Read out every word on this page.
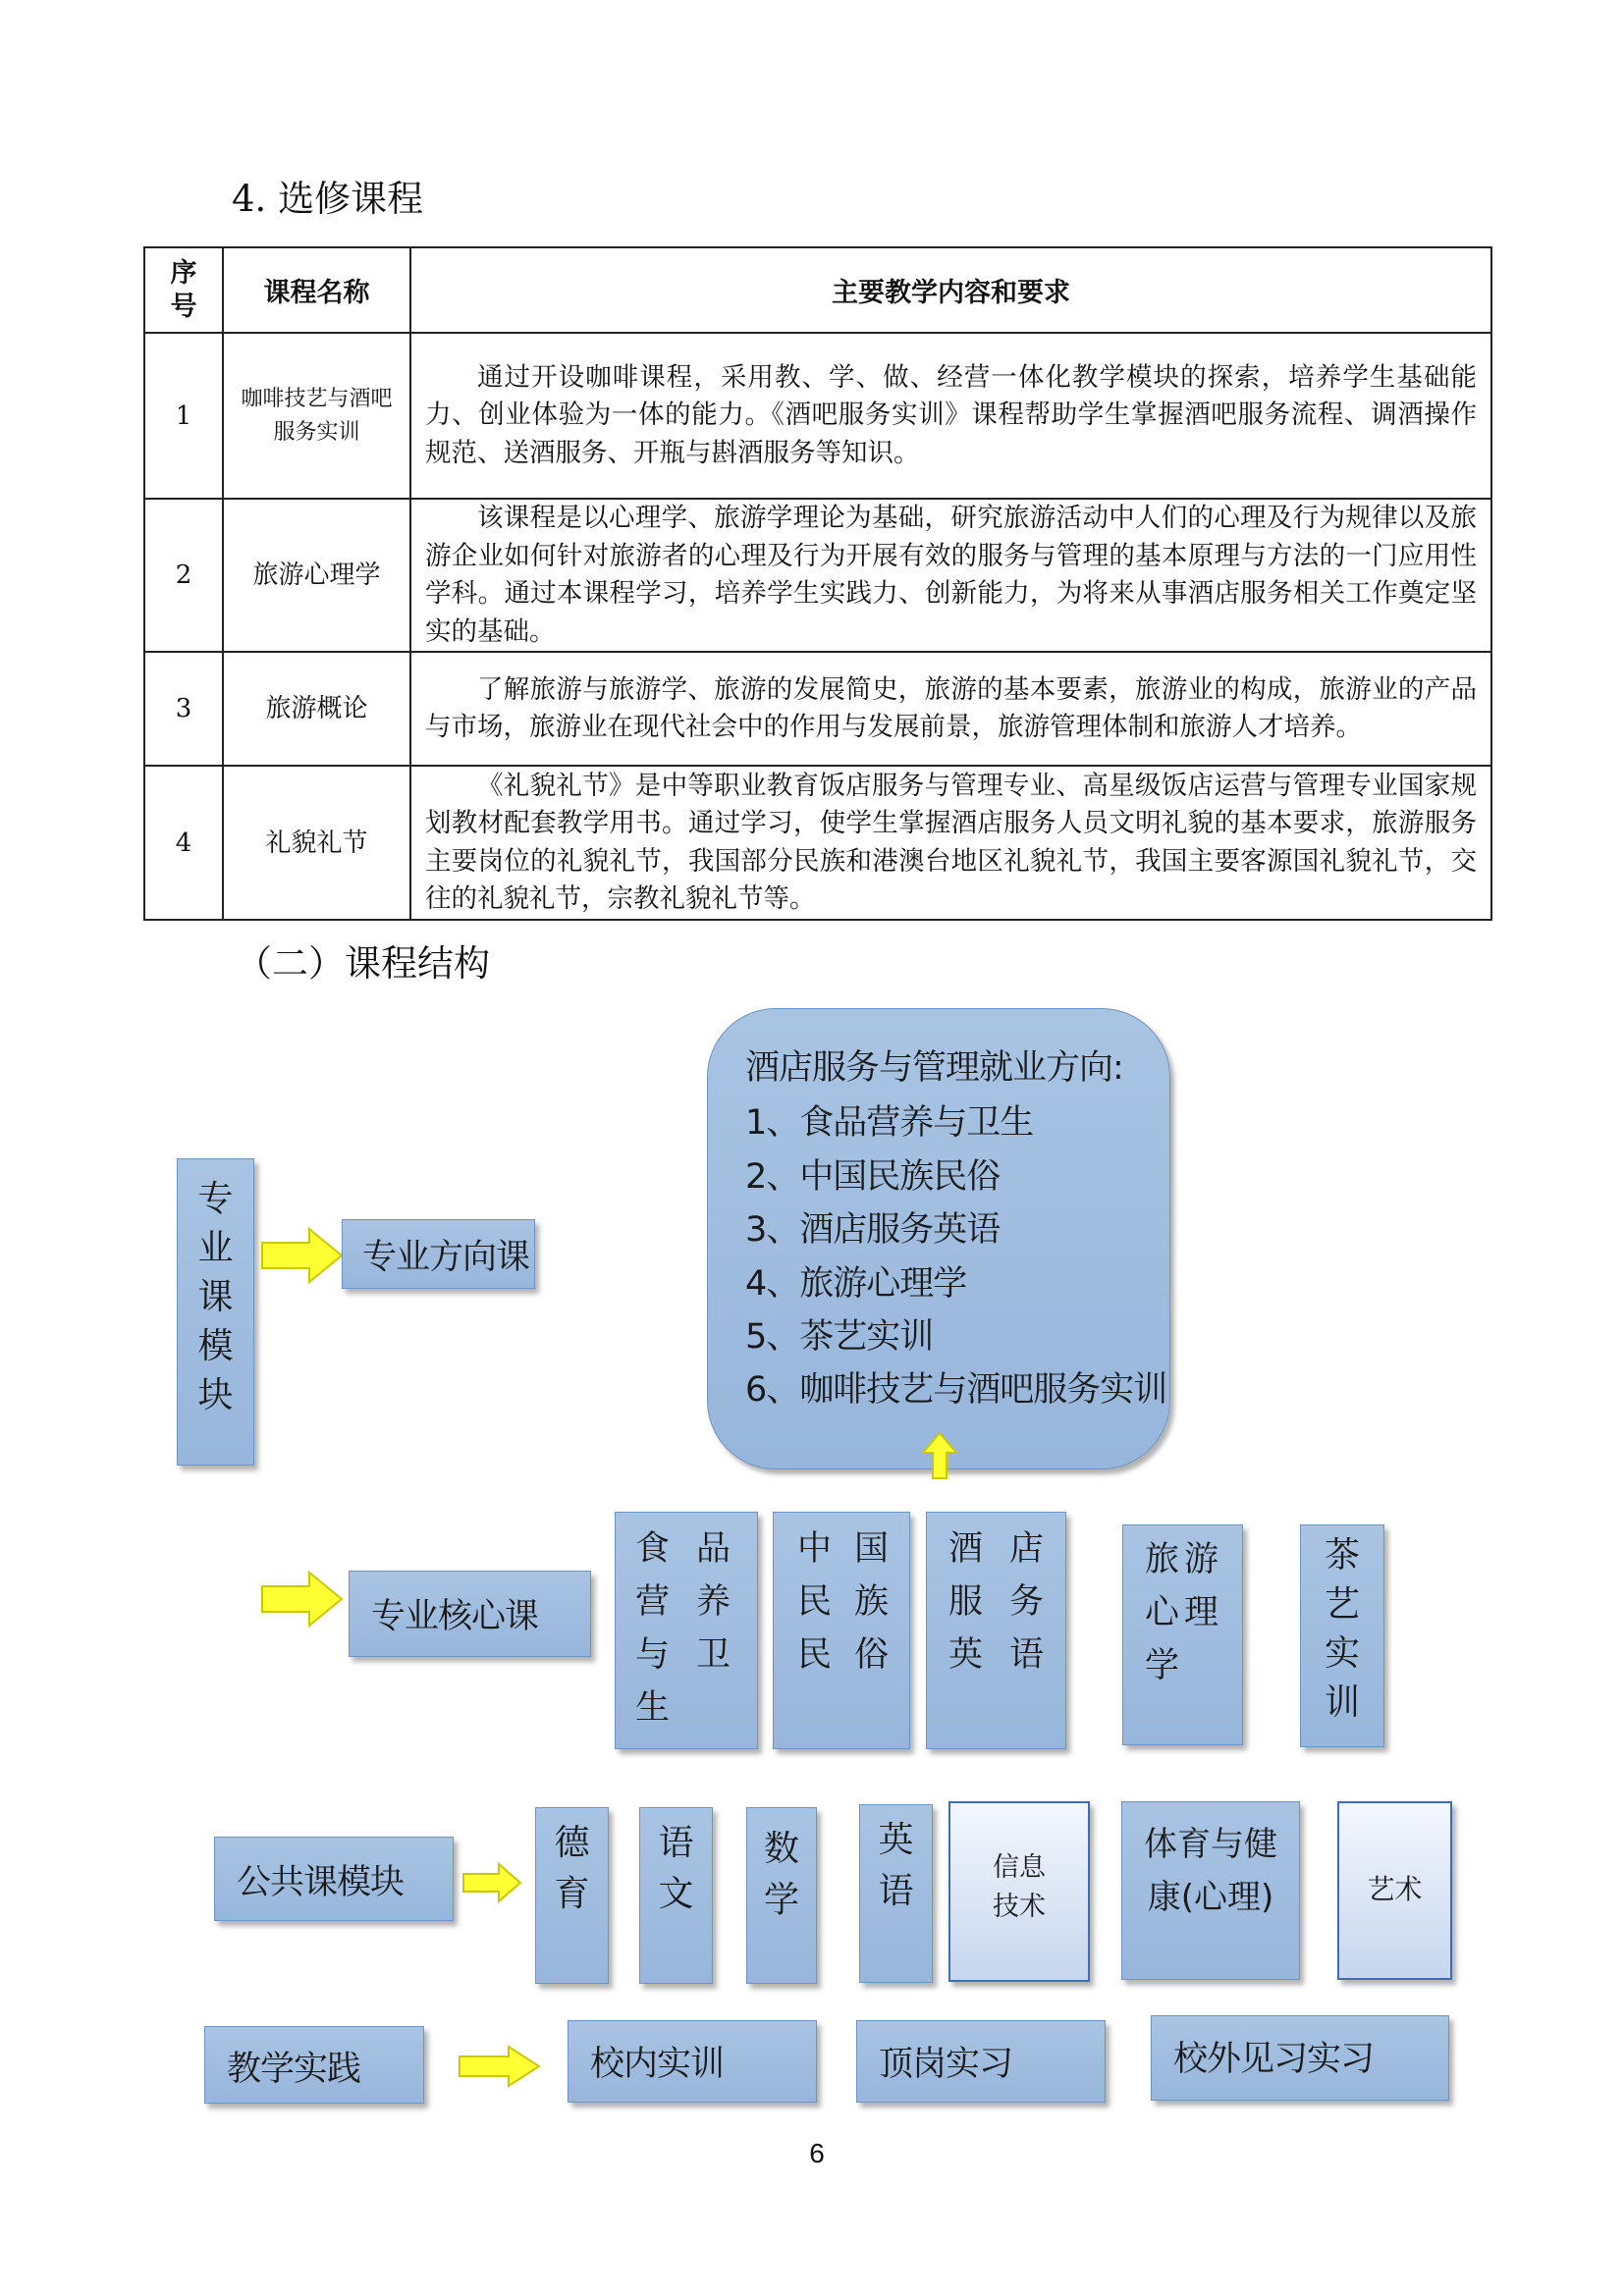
4. 选修课程
序号	课程名称	主要教学内容和要求
1	咖啡技艺与酒吧服务实训	通过开设咖啡课程，采用教、学、做、经营一体化教学模块的探索，培养学生基础能力、创业体验为一体的能力。《酒吧服务实训》课程帮助学生掌握酒吧服务流程、调酒操作规范、送酒服务、开瓶与斟酒服务等知识。
2	旅游心理学	该课程是以心理学、旅游学理论为基础，研究旅游活动中人们的心理及行为规律以及旅游企业如何针对旅游者的心理及行为开展有效的服务与管理的基本原理与方法的一门应用性学科。通过本课程学习，培养学生实践力、创新能力，为将来从事酒店服务相关工作奠定坚实的基础。
3	旅游概论	了解旅游与旅游学、旅游的发展简史，旅游的基本要素，旅游业的构成，旅游业的产品与市场，旅游业在现代社会中的作用与发展前景，旅游管理体制和旅游人才培养。
4	礼貌礼节	《礼貌礼节》是中等职业教育饭店服务与管理专业、高星级饭店运营与管理专业国家规划教材配套教学用书。通过学习，使学生掌握酒店服务人员文明礼貌的基本要求，旅游服务主要岗位的礼貌礼节，我国部分民族和港澳台地区礼貌礼节，我国主要客源国礼貌礼节，交往的礼貌礼节，宗教礼貌礼节等。
（二）课程结构
酒店服务与管理就业方向:
1、食品营养与卫生
2、中国民族民俗
3、酒店服务英语
4、旅游心理学
5、茶艺实训
6、咖啡技艺与酒吧服务实训
专
业
课
模
块
专业方向课
专业核心课
食 品
营 养
与 卫
生
中 国
民 族
民 俗
酒 店
服 务
英 语
旅 游
心 理
学
茶
艺
实
训
公共课模块
德
育
语
文
数
学
英
语
信息
技术
体育与健
康(心理)	艺术
教学实践	校内实训	顶岗实习	校外见习实习
6
